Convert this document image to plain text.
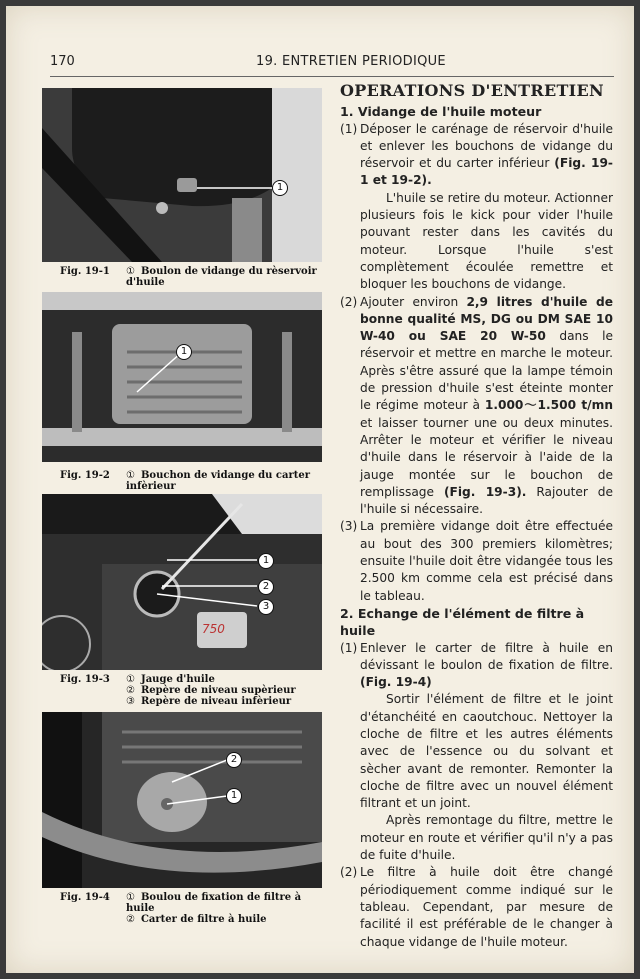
170	19. ENTRETIEN PERIODIQUE
1
Fig. 19-1 ① Boulon de vidange du rèservoir d'huile
1
Fig. 19-2 ① Bouchon de vidange du carter infèrieur
1
2
3
750
Fig. 19-3 ① Jauge d'huile
② Repère de niveau supèrieur
③ Repère de niveau infèrieur
2
1
Fig. 19-4 ① Boulou de fixation de filtre à huile
② Carter de filtre à huile
OPERATIONS D'ENTRETIEN
1. Vidange de l'huile moteur
(1) Déposer le carénage de réservoir d'huile et enlever les bouchons de vidange du réservoir et du carter inférieur (Fig. 19-1 et 19-2).

L'huile se retire du moteur. Actionner plusieurs fois le kick pour vider l'huile pouvant rester dans les cavités du moteur. Lorsque l'huile s'est complètement écoulée remettre et bloquer les bouchons de vidange.

(2) Ajouter environ 2,9 litres d'huile de bonne qualité MS, DG ou DM SAE 10 W-40 ou SAE 20 W-50 dans le réservoir et mettre en marche le moteur. Après s'être assuré que la lampe témoin de pression d'huile s'est éteinte monter le régime moteur à 1.000～1.500 t/mn et laisser tourner une ou deux minutes. Arrêter le moteur et vérifier le niveau d'huile dans le réservoir à l'aide de la jauge montée sur le bouchon de remplissage (Fig. 19-3). Rajouter de l'huile si nécessaire.

(3) La première vidange doit être effectuée au bout des 300 premiers kilomètres; ensuite l'huile doit être vidangée tous les 2.500 km comme cela est précisé dans le tableau.

2. Echange de l'élément de filtre à huile
(1) Enlever le carter de filtre à huile en dévissant le boulon de fixation de filtre. (Fig. 19-4)

Sortir l'élément de filtre et le joint d'étanchéité en caoutchouc. Nettoyer la cloche de filtre et les autres éléments avec de l'essence ou du solvant et sècher avant de remonter. Remonter la cloche de filtre avec un nouvel élément filtrant et un joint.

Après remontage du filtre, mettre le moteur en route et vérifier qu'il n'y a pas de fuite d'huile.

(2) Le filtre à huile doit être changé périodiquement comme indiqué sur le tableau. Cependant, par mesure de facilité il est préférable de le changer à chaque vidange de l'huile moteur.
